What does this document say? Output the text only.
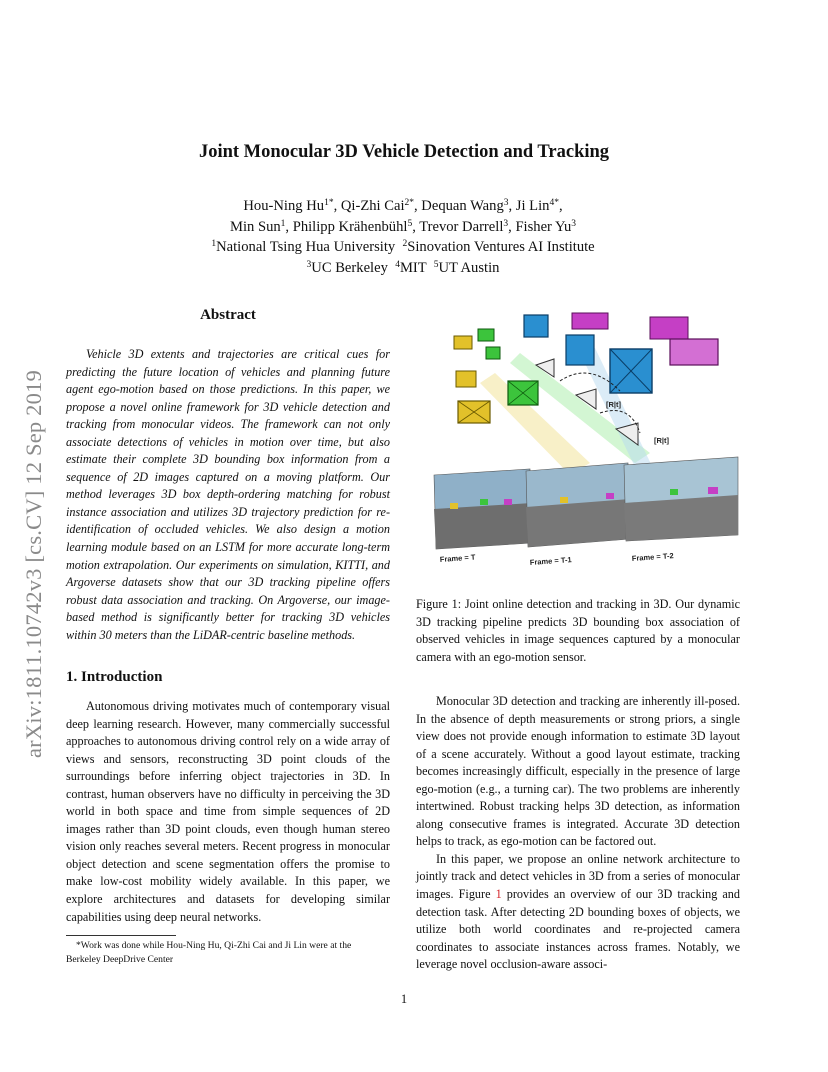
arXiv:1811.10742v3 [cs.CV] 12 Sep 2019
Joint Monocular 3D Vehicle Detection and Tracking
Hou-Ning $Hu^{1*}$, Qi-Zhi Cai$^{2*}$, Dequan Wang$^3$, Ji Lin$^{4*}$,
Min Sun$^1$, Philipp Krähenbühl$^5$, Trevor Darrell$^3$, Fisher Yu$^3$
$^1$National Tsing Hua University  $^2$Sinovation Ventures AI Institute
$^3$UC Berkeley  $^4$MIT  $^5$UT Austin
Abstract
Vehicle 3D extents and trajectories are critical cues for predicting the future location of vehicles and planning future agent ego-motion based on those predictions. In this paper, we propose a novel online framework for 3D vehicle detection and tracking from monocular videos. The framework can not only associate detections of vehicles in motion over time, but also estimate their complete 3D bounding box information from a sequence of 2D images captured on a moving platform. Our method leverages 3D box depth-ordering matching for robust instance association and utilizes 3D trajectory prediction for re-identification of occluded vehicles. We also design a motion learning module based on an LSTM for more accurate long-term motion extrapolation. Our experiments on simulation, KITTI, and Argoverse datasets show that our 3D tracking pipeline offers robust data association and tracking. On Argoverse, our image-based method is significantly better for tracking 3D vehicles within 30 meters than the LiDAR-centric baseline methods.
1. Introduction

Autonomous driving motivates much of contemporary visual deep learning research. However, many commercially successful approaches to autonomous driving control rely on a wide array of views and sensors, reconstructing 3D point clouds of the surroundings before inferring object trajectories in 3D. In contrast, human observers have no difficulty in perceiving the 3D world in both space and time from simple sequences of 2D images rather than 3D point clouds, even though human stereo vision only reaches several meters. Recent progress in monocular object detection and scene segmentation offers the promise to make low-cost mobility widely available. In this paper, we explore architectures and datasets for developing similar capabilities using deep neural networks.

*Work was done while Hou-Ning Hu, Qi-Zhi Cai and Ji Lin were at the
Berkeley DeepDrive Center
[R|t]
[R|t]
Frame = T	Frame = T-1	Frame = T-2
Figure 1: Joint online detection and tracking in 3D. Our dynamic 3D tracking pipeline predicts 3D bounding box association of observed vehicles in image sequences captured by a monocular camera with an ego-motion sensor.

Monocular 3D detection and tracking are inherently ill-posed. In the absence of depth measurements or strong priors, a single view does not provide enough information to estimate 3D layout of a scene accurately. Without a good layout estimate, tracking becomes increasingly difficult, especially in the presence of large ego-motion (e.g., a turning car). The two problems are inherently intertwined. Robust tracking helps 3D detection, as information along consecutive frames is integrated. Accurate 3D detection helps to track, as ego-motion can be factored out.

In this paper, we propose an online network architecture to jointly track and detect vehicles in 3D from a series of monocular images. Figure 1 provides an overview of our 3D tracking and detection task. After detecting 2D bounding boxes of objects, we utilize both world coordinates and re-projected camera coordinates to associate instances across frames. Notably, we leverage novel occlusion-aware associ-

1
